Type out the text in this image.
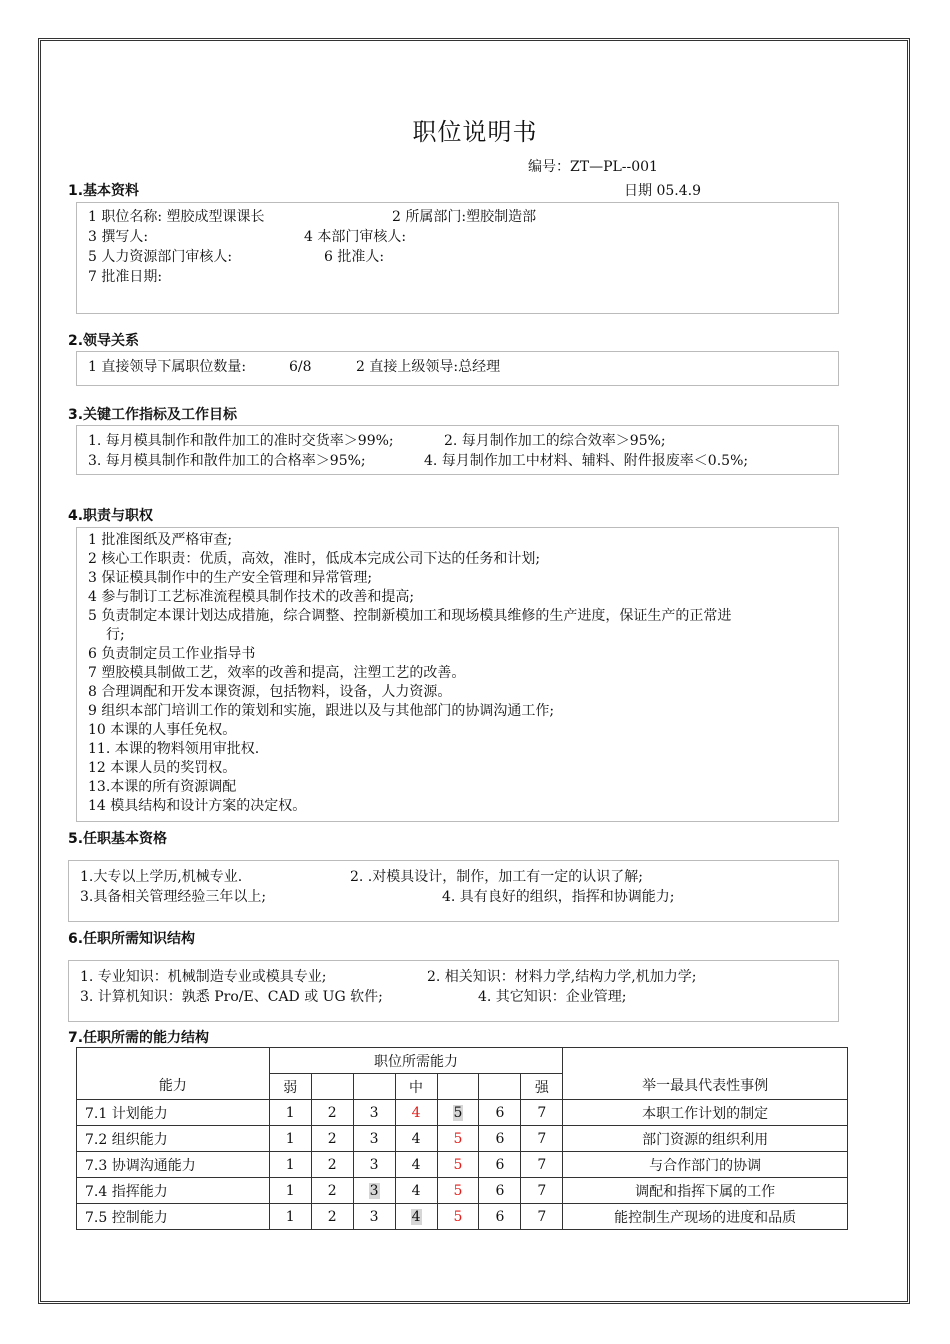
职位说明书
编号：ZT—PL--001
日期 05.4.9
1.基本资料
1 职位名称: 塑胶成型课课长	2 所属部门:塑胶制造部
3 撰写人:	4 本部门审核人:
5 人力资源部门审核人:	6 批准人:
7 批准日期:
2.领导关系
1 直接领导下属职位数量:	6/8	2 直接上级领导:总经理
3.关键工作指标及工作目标
1. 每月模具制作和散件加工的准时交货率＞99%;	2. 每月制作加工的综合效率＞95%;
3. 每月模具制作和散件加工的合格率＞95%;	4. 每月制作加工中材料、辅料、附件报废率＜0.5%;
4.职责与职权
1 批准图纸及严格审查;
2 核心工作职责：优质，高效，准时，低成本完成公司下达的任务和计划;
3 保证模具制作中的生产安全管理和异常管理;
4 参与制订工艺标准流程模具制作技术的改善和提高;
5 负责制定本课计划达成措施，综合调整、控制新模加工和现场模具维修的生产进度，保证生产的正常进
行;
6 负责制定员工作业指导书
7 塑胶模具制做工艺，效率的改善和提高，注塑工艺的改善。
8 合理调配和开发本课资源，包括物料，设备，人力资源。
9 组织本部门培训工作的策划和实施，跟进以及与其他部门的协调沟通工作;
10 本课的人事任免权。
11. 本课的物料领用审批权.
12 本课人员的奖罚权。
13.本课的所有资源调配
14 模具结构和设计方案的决定权。
5.任职基本资格
1.大专以上学历,机械专业.	2. .对模具设计，制作，加工有一定的认识了解;
3.具备相关管理经验三年以上;	4. 具有良好的组织，指挥和协调能力;
6.任职所需知识结构
1. 专业知识：机械制造专业或模具专业;	2. 相关知识：材料力学,结构力学,机加力学;
3. 计算机知识：孰悉 Pro/E、CAD 或 UG 软件;	4. 其它知识：企业管理;
7.任职所需的能力结构
能力	职位所需能力							举一最具代表性事例
	弱			中			强	
7.1 计划能力	1	2	3	4	5	6	7	本职工作计划的制定
7.2 组织能力	1	2	3	4	5	6	7	部门资源的组织利用
7.3 协调沟通能力	1	2	3	4	5	6	7	与合作部门的协调
7.4 指挥能力	1	2	3	4	5	6	7	调配和指挥下属的工作
7.5 控制能力	1	2	3	4	5	6	7	能控制生产现场的进度和品质
